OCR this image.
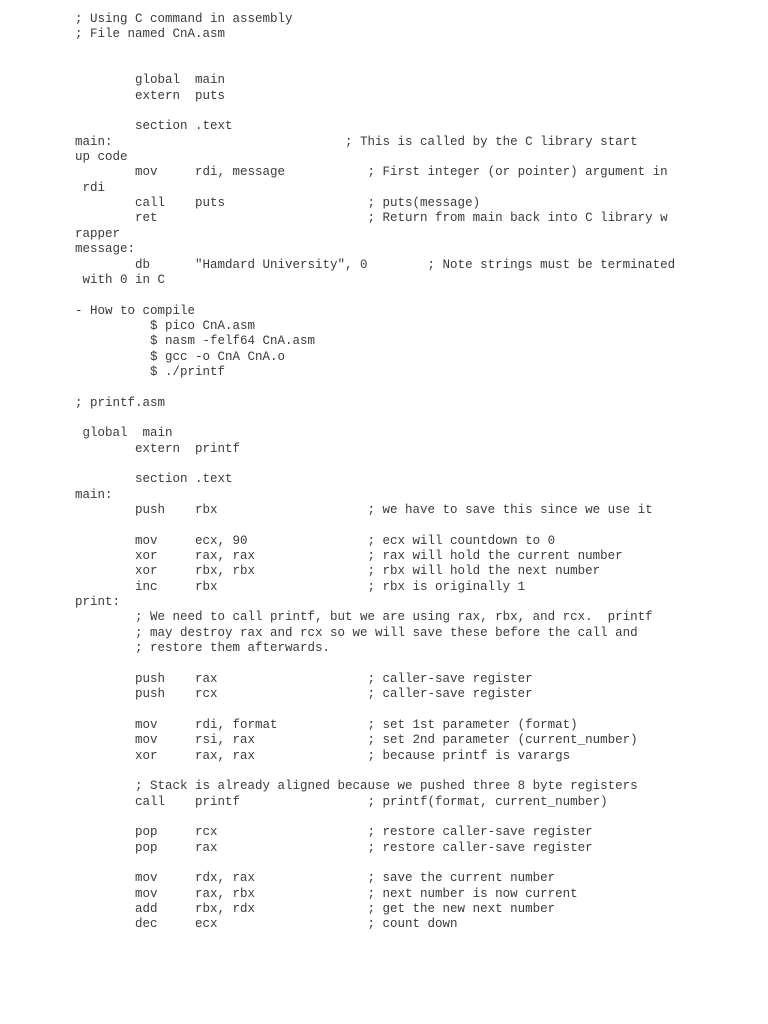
; Using C command in assembly
; File named CnA.asm
global  main
extern  puts
section .text
main:                               ; This is called by the C library start
up code
mov     rdi, message           ; First integer (or pointer) argument in
rdi
call    puts                   ; puts(message)
ret                            ; Return from main back into C library w
rapper
message:
db      "Hamdard University", 0        ; Note strings must be terminated
with 0 in C
- How to compile
$ pico CnA.asm
$ nasm -felf64 CnA.asm
$ gcc -o CnA CnA.o
$ ./printf
; printf.asm
global  main
extern  printf
section .text
main:
push    rbx                    ; we have to save this since we use it
mov     ecx, 90                ; ecx will countdown to 0
xor     rax, rax               ; rax will hold the current number
xor     rbx, rbx               ; rbx will hold the next number
inc     rbx                    ; rbx is originally 1
print:
; We need to call printf, but we are using rax, rbx, and rcx.  printf
; may destroy rax and rcx so we will save these before the call and
; restore them afterwards.
push    rax                    ; caller-save register
push    rcx                    ; caller-save register
mov     rdi, format            ; set 1st parameter (format)
mov     rsi, rax               ; set 2nd parameter (current_number)
xor     rax, rax               ; because printf is varargs
; Stack is already aligned because we pushed three 8 byte registers
call    printf                 ; printf(format, current_number)
pop     rcx                    ; restore caller-save register
pop     rax                    ; restore caller-save register
mov     rdx, rax               ; save the current number
mov     rax, rbx               ; next number is now current
add     rbx, rdx               ; get the new next number
dec     ecx                    ; count down
